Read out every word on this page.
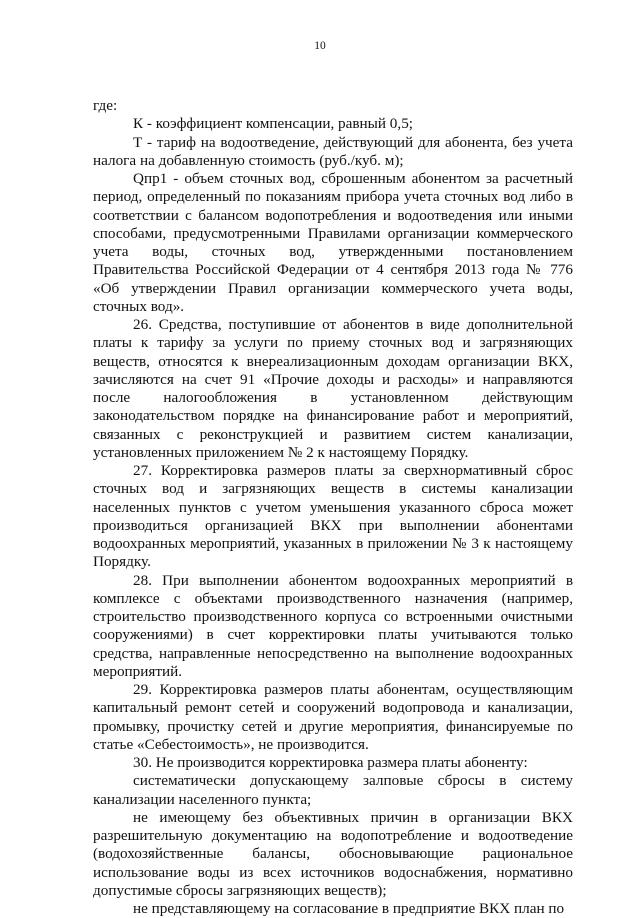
10

где:

К - коэффициент компенсации, равный 0,5;

Т - тариф на водоотведение, действующий для абонента, без учета налога на добавленную стоимость (руб./куб. м);

Qпр1 - объем сточных вод, сброшенным абонентом за расчетный период, определенный по показаниям прибора учета сточных вод либо в соответствии с балансом водопотребления и водоотведения или иными способами, предусмотренными Правилами организации коммерческого учета воды, сточных вод, утвержденными постановлением Правительства Российской Федерации от 4 сентября 2013 года № 776 «Об утверждении Правил организации коммерческого учета воды, сточных вод».

26. Средства, поступившие от абонентов в виде дополнительной платы к тарифу за услуги по приему сточных вод и загрязняющих веществ, относятся к внереализационным доходам организации ВКХ, зачисляются на счет 91 «Прочие доходы и расходы» и направляются после налогообложения в установленном действующим законодательством порядке на финансирование работ и мероприятий, связанных с реконструкцией и развитием систем канализации, установленных приложением № 2 к настоящему Порядку.

27. Корректировка размеров платы за сверхнормативный сброс сточных вод и загрязняющих веществ в системы канализации населенных пунктов с учетом уменьшения указанного сброса может производиться организацией ВКХ при выполнении абонентами водоохранных мероприятий, указанных в приложении № 3 к настоящему Порядку.

28. При выполнении абонентом водоохранных мероприятий в комплексе с объектами производственного назначения (например, строительство производственного корпуса со встроенными очистными сооружениями) в счет корректировки платы учитываются только средства, направленные непосредственно на выполнение водоохранных мероприятий.

29. Корректировка размеров платы абонентам, осуществляющим капитальный ремонт сетей и сооружений водопровода и канализации, промывку, прочистку сетей и другие мероприятия, финансируемые по статье «Себестоимость», не производится.

30. Не производится корректировка размера платы абоненту:

систематически допускающему залповые сбросы в систему канализации населенного пункта;

не имеющему без объективных причин в организации ВКХ разрешительную документацию на водопотребление и водоотведение (водохозяйственные балансы, обосновывающие рациональное использование воды из всех источников водоснабжения, нормативно допустимые сбросы загрязняющих веществ);

не представляющему на согласование в предприятие ВКХ план по
